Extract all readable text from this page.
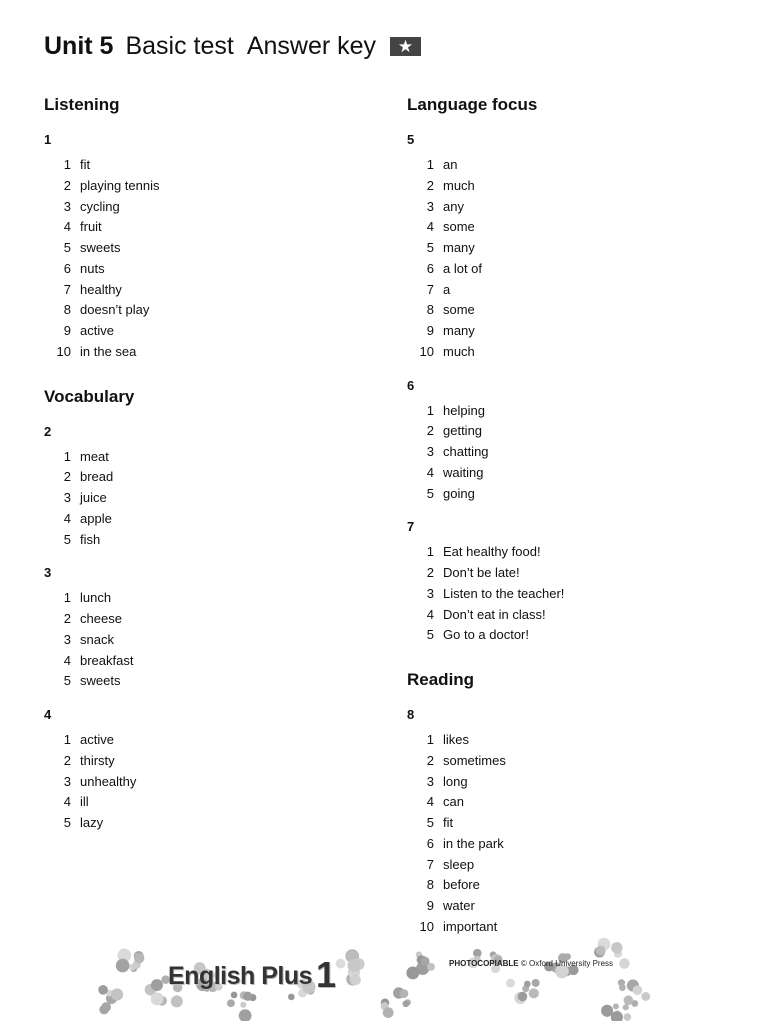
Unit 5 Basic test Answer key	★
Listening
1
1 fit
2 playing tennis
3 cycling
4 fruit
5 sweets
6 nuts
7 healthy
8 doesn’t play
9 active
10 in the sea
Vocabulary
2
1 meat
2 bread
3 juice
4 apple
5 fish
3
1 lunch
2 cheese
3 snack
4 breakfast
5 sweets
4
1 active
2 thirsty
3 unhealthy
4 ill
5 lazy
Language focus
5
1 an
2 much
3 any
4 some
5 many
6 a lot of
7 a
8 some
9 many
10 much
6
1 helping
2 getting
3 chatting
4 waiting
5 going
7
1 Eat healthy food!
2 Don’t be late!
3 Listen to the teacher!
4 Don’t eat in class!
5 Go to a doctor!
Reading
8
1 likes
2 sometimes
3 long
4 can
5 fit
6 in the park
7 sleep
8 before
9 water
10 important
English Plus 1	PHOTOCOPIABLE © Oxford University Press
